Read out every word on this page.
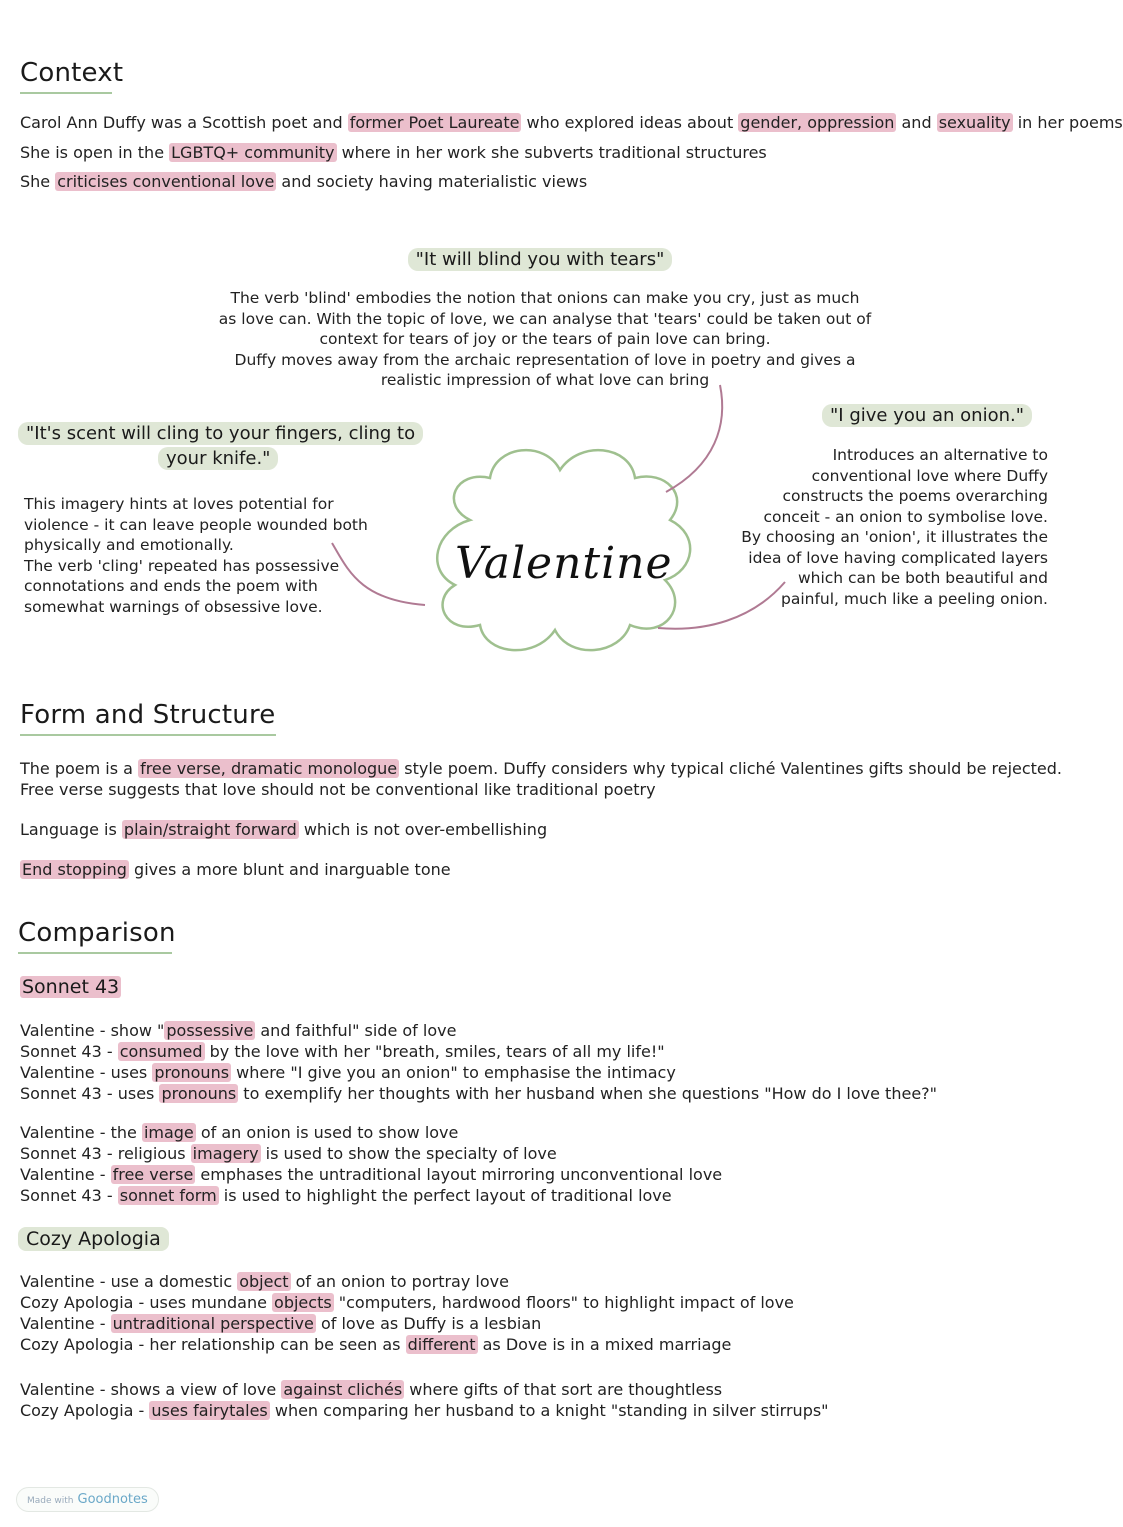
Context
Carol Ann Duffy was a Scottish poet and former Poet Laureate who explored ideas about gender, oppression and sexuality in her poems
She is open in the LGBTQ+ community where in her work she subverts traditional structures
She criticises conventional love and society having materialistic views
"It will blind you with tears"
The verb 'blind' embodies the notion that onions can make you cry, just as much
as love can. With the topic of love, we can analyse that 'tears' could be taken out of
context for tears of joy or the tears of pain love can bring.
Duffy moves away from the archaic representation of love in poetry and gives a
realistic impression of what love can bring
"It's scent will cling to your fingers, cling to
your knife."
This imagery hints at loves potential for
violence - it can leave people wounded both
physically and emotionally.
The verb 'cling' repeated has possessive
connotations and ends the poem with
somewhat warnings of obsessive love.
"I give you an onion."
Introduces an alternative to
conventional love where Duffy
constructs the poems overarching
conceit - an onion to symbolise love.
By choosing an 'onion', it illustrates the
idea of love having complicated layers
which can be both beautiful and
painful, much like a peeling onion.
Valentine
Form and Structure
The poem is a free verse, dramatic monologue style poem. Duffy considers why typical cliché Valentines gifts should be rejected.
Free verse suggests that love should not be conventional like traditional poetry
Language is plain/straight forward which is not over-embellishing
End stopping gives a more blunt and inarguable tone
Comparison
Sonnet 43
Valentine - show " possessive and faithful" side of love
Sonnet 43 - consumed by the love with her "breath, smiles, tears of all my life!"
Valentine - uses pronouns where "I give you an onion" to emphasise the intimacy
Sonnet 43 - uses pronouns to exemplify her thoughts with her husband when she questions "How do I love thee?"
Valentine - the image of an onion is used to show love
Sonnet 43 - religious imagery is used to show the specialty of love
Valentine - free verse emphases the untraditional layout mirroring unconventional love
Sonnet 43 - sonnet form is used to highlight the perfect layout of traditional love
Cozy Apologia
Valentine - use a domestic object of an onion to portray love
Cozy Apologia - uses mundane objects "computers, hardwood floors" to highlight impact of love
Valentine - untraditional perspective of love as Duffy is a lesbian
Cozy Apologia - her relationship can be seen as different as Dove is in a mixed marriage
Valentine - shows a view of love against clichés where gifts of that sort are thoughtless
Cozy Apologia - uses fairytales when comparing her husband to a knight "standing in silver stirrups"
Made with Goodnotes
